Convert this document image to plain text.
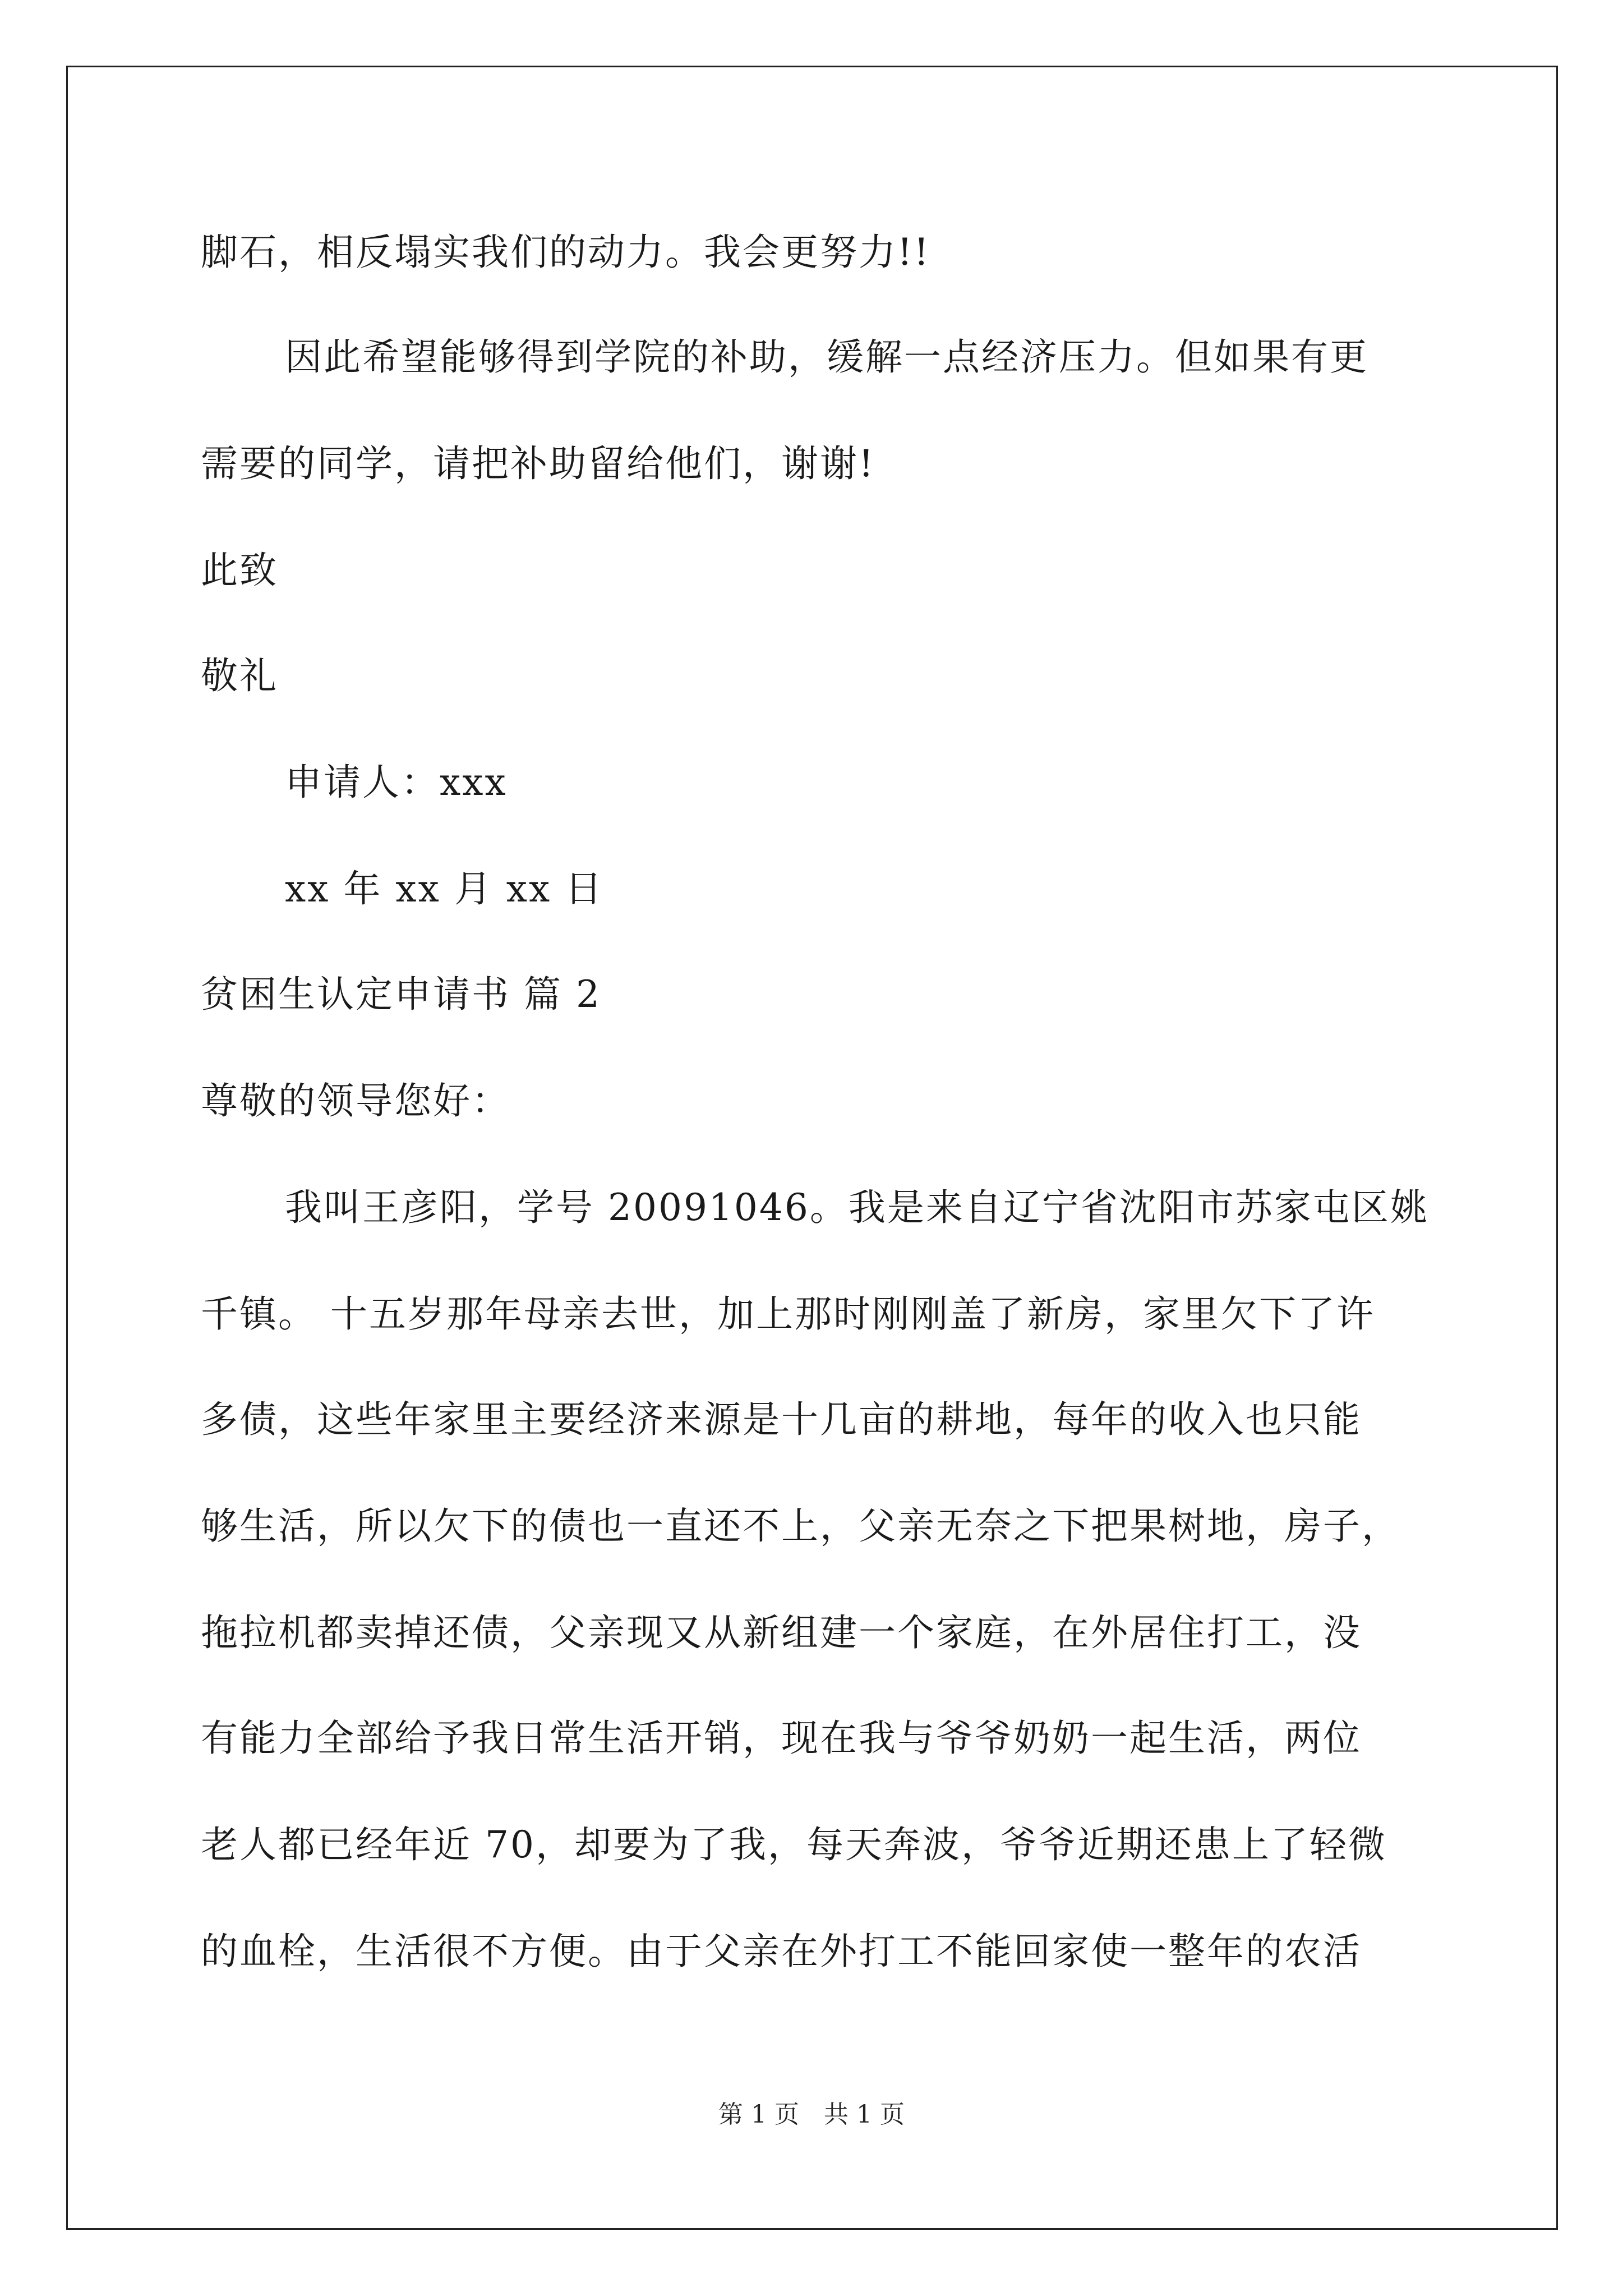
脚石，相反塌实我们的动力。我会更努力!!
因此希望能够得到学院的补助，缓解一点经济压力。但如果有更
需要的同学，请把补助留给他们，谢谢!
此致
敬礼
申请人：xxx
xx 年 xx 月 xx 日
贫困生认定申请书 篇 2
尊敬的领导您好：
我叫王彦阳，学号 20091046。我是来自辽宁省沈阳市苏家屯区姚
千镇。 十五岁那年母亲去世，加上那时刚刚盖了新房，家里欠下了许
多债，这些年家里主要经济来源是十几亩的耕地，每年的收入也只能
够生活，所以欠下的债也一直还不上，父亲无奈之下把果树地，房子，
拖拉机都卖掉还债，父亲现又从新组建一个家庭，在外居住打工，没
有能力全部给予我日常生活开销，现在我与爷爷奶奶一起生活，两位
老人都已经年近 70，却要为了我，每天奔波，爷爷近期还患上了轻微
的血栓，生活很不方便。由于父亲在外打工不能回家使一整年的农活
第 1 页　共 1 页
